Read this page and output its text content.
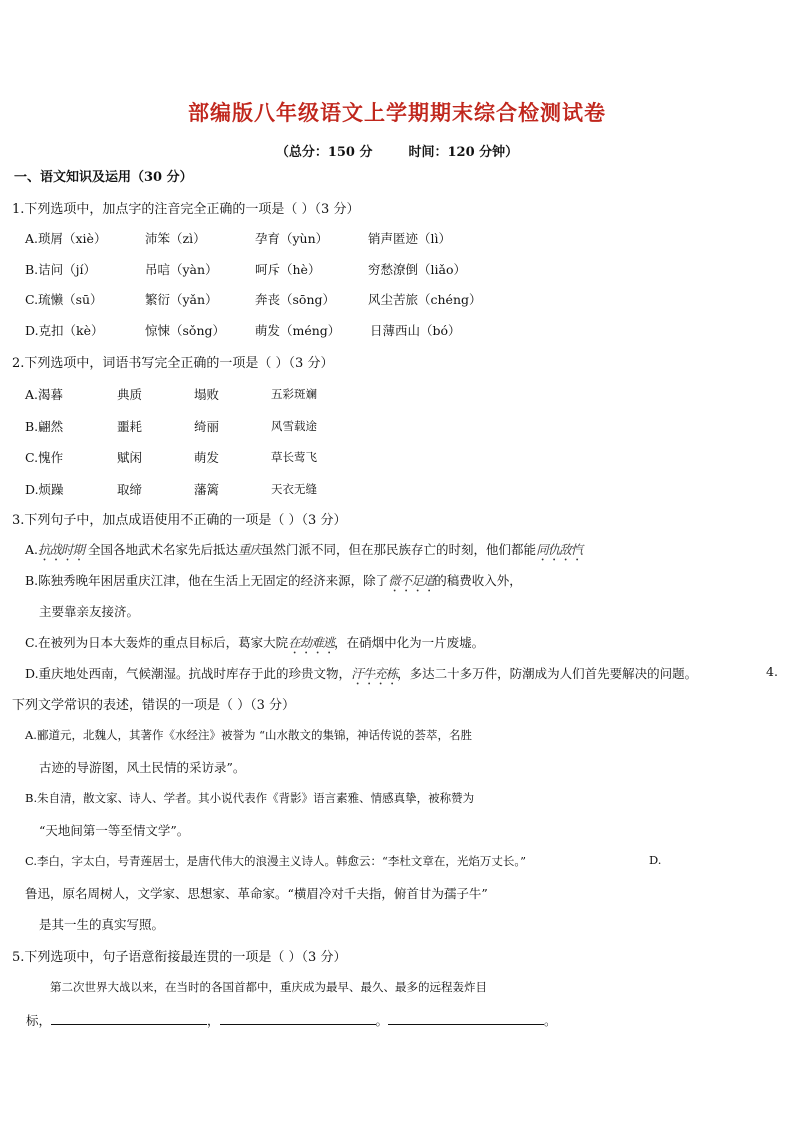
部编版八年级语文上学期期末综合检测试卷
（总分：150 分	时间：120 分钟）
一、语文知识及运用（30 分）
1.下列选项中，加点字的注音完全正确的一项是（ ）（3 分）
A.琐屑（xiè）	沛笨（zì）	孕育（yùn）	销声匿迹（lì）
B.诘问（jí）	吊唁（yàn）	呵斥（hè）	穷愁潦倒（liǎo）
C.琉懒（sū）	繁衍（yǎn）	奔丧（sōng）	风尘苦旅（chéng）
D.克扣（kè）	惊悚（sǒng） 萌发（méng） 日薄西山（bó）
2.下列选项中，词语书写完全正确的一项是（ ）（3 分）
A.渴暮	典质	塌败	五彩斑斓
B.翩然	噩耗	绮丽	风雪载途
C.愧作	赋闲	萌发	草长莺飞
D.烦躁	取缔	藩篱	天衣无缝
3.下列句子中，加点成语使用不正确的一项是（ ）（3 分）
A.抗战时期 全国各地武术名家先后抵达重庆虽然门派不同，但在那民族存亡的时刻，他们都能同仇敌忾
B.陈独秀晚年困居重庆江津，他在生活上无固定的经济来源，除了微不足道的稿费收入外，
主要靠亲友接济。
C.在被列为日本大轰炸的重点目标后，葛家大院在劫难逃，在硝烟中化为一片废墟。
D.重庆地处西南，气候潮湿。抗战时库存于此的珍贵文物，汗牛充栋，多达二十多万件，防潮成为人们首先要解决的问题。	4.
下列文学常识的表述，错误的一项是（ ）（3 分）
A.郦道元，北魏人，其著作《水经注》被誉为 “山水散文的集锦，神话传说的荟萃，名胜
古迹的导游图，风土民情的采访录”。
B.朱自清，散文家、诗人、学者。其小说代表作《背影》语言素雅、情感真挚，被称赞为
“天地间第一等至情文学”。
C.李白，字太白，号青莲居士，是唐代伟大的浪漫主义诗人。韩愈云：“李杜文章在，光焰万丈长。”	D.
鲁迅，原名周树人，文学家、思想家、革命家。“横眉冷对千夫指，俯首甘为孺子牛”
是其一生的真实写照。
5.下列选项中，句子语意衔接最连贯的一项是（ ）（3 分）
第二次世界大战以来，在当时的各国首都中，重庆成为最早、最久、最多的远程轰炸目
标，	，	。	。
